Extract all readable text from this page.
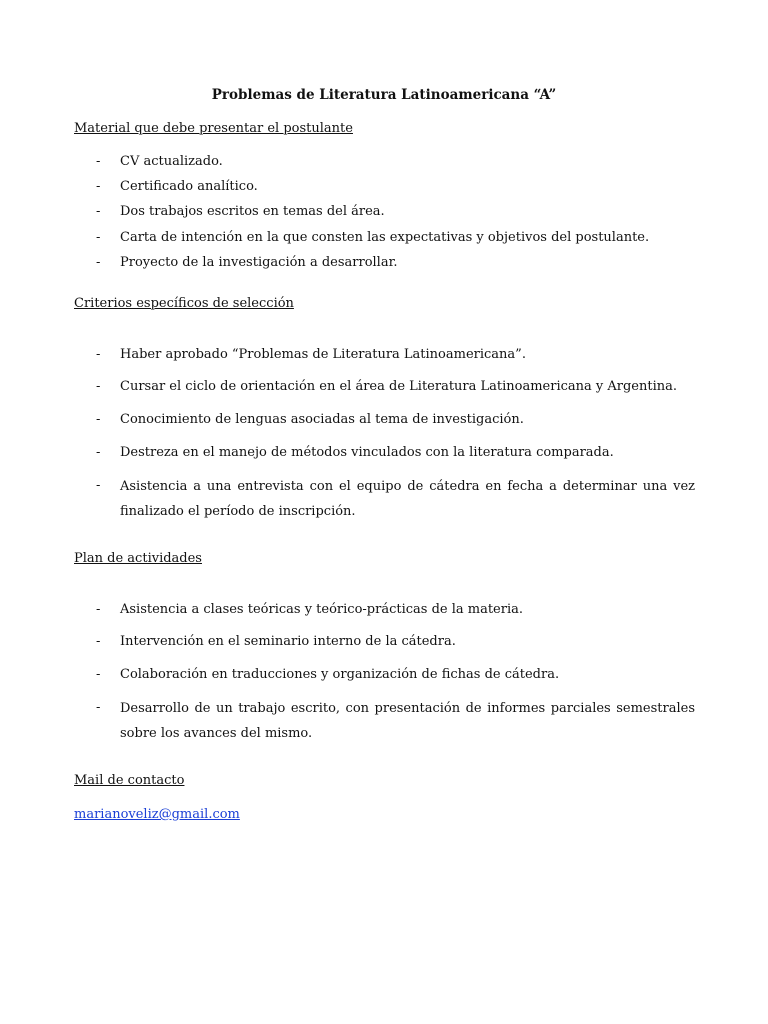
Problemas de Literatura Latinoamericana “A”
Material que debe presentar el postulante
- CV actualizado.
- Certificado analítico.
- Dos trabajos escritos en temas del área.
- Carta de intención en la que consten las expectativas y objetivos del postulante.
- Proyecto de la investigación a desarrollar.
Criterios específicos de selección
- Haber aprobado “Problemas de Literatura Latinoamericana”.
- Cursar el ciclo de orientación en el área de Literatura Latinoamericana y Argentina.
- Conocimiento de lenguas asociadas al tema de investigación.
- Destreza en el manejo de métodos vinculados con la literatura comparada.
- Asistencia a una entrevista con el equipo de cátedra en fecha a determinar una vez finalizado el período de inscripción.
Plan de actividades
- Asistencia a clases teóricas y teórico-prácticas de la materia.
- Intervención en el seminario interno de la cátedra.
- Colaboración en traducciones y organización de fichas de cátedra.
- Desarrollo de un trabajo escrito, con presentación de informes parciales semestrales sobre los avances del mismo.
Mail de contacto
marianoveliz@gmail.com
